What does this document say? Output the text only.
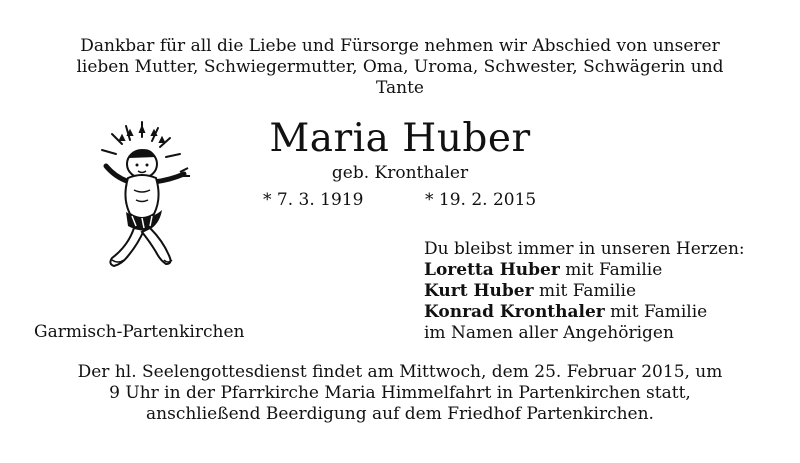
Dankbar für all die Liebe und Fürsorge nehmen wir Abschied von unserer
lieben Mutter, Schwiegermutter, Oma, Uroma, Schwester, Schwägerin und
Tante
Maria Huber
geb. Kronthaler
* 7. 3. 1919	* 19. 2. 2015
Du bleibst immer in unseren Herzen:
Loretta Huber mit Familie
Kurt Huber mit Familie
Konrad Kronthaler mit Familie
im Namen aller Angehörigen
Garmisch-Partenkirchen
Der hl. Seelengottesdienst findet am Mittwoch, dem 25. Februar 2015, um
9 Uhr in der Pfarrkirche Maria Himmelfahrt in Partenkirchen statt,
anschließend Beerdigung auf dem Friedhof Partenkirchen.
